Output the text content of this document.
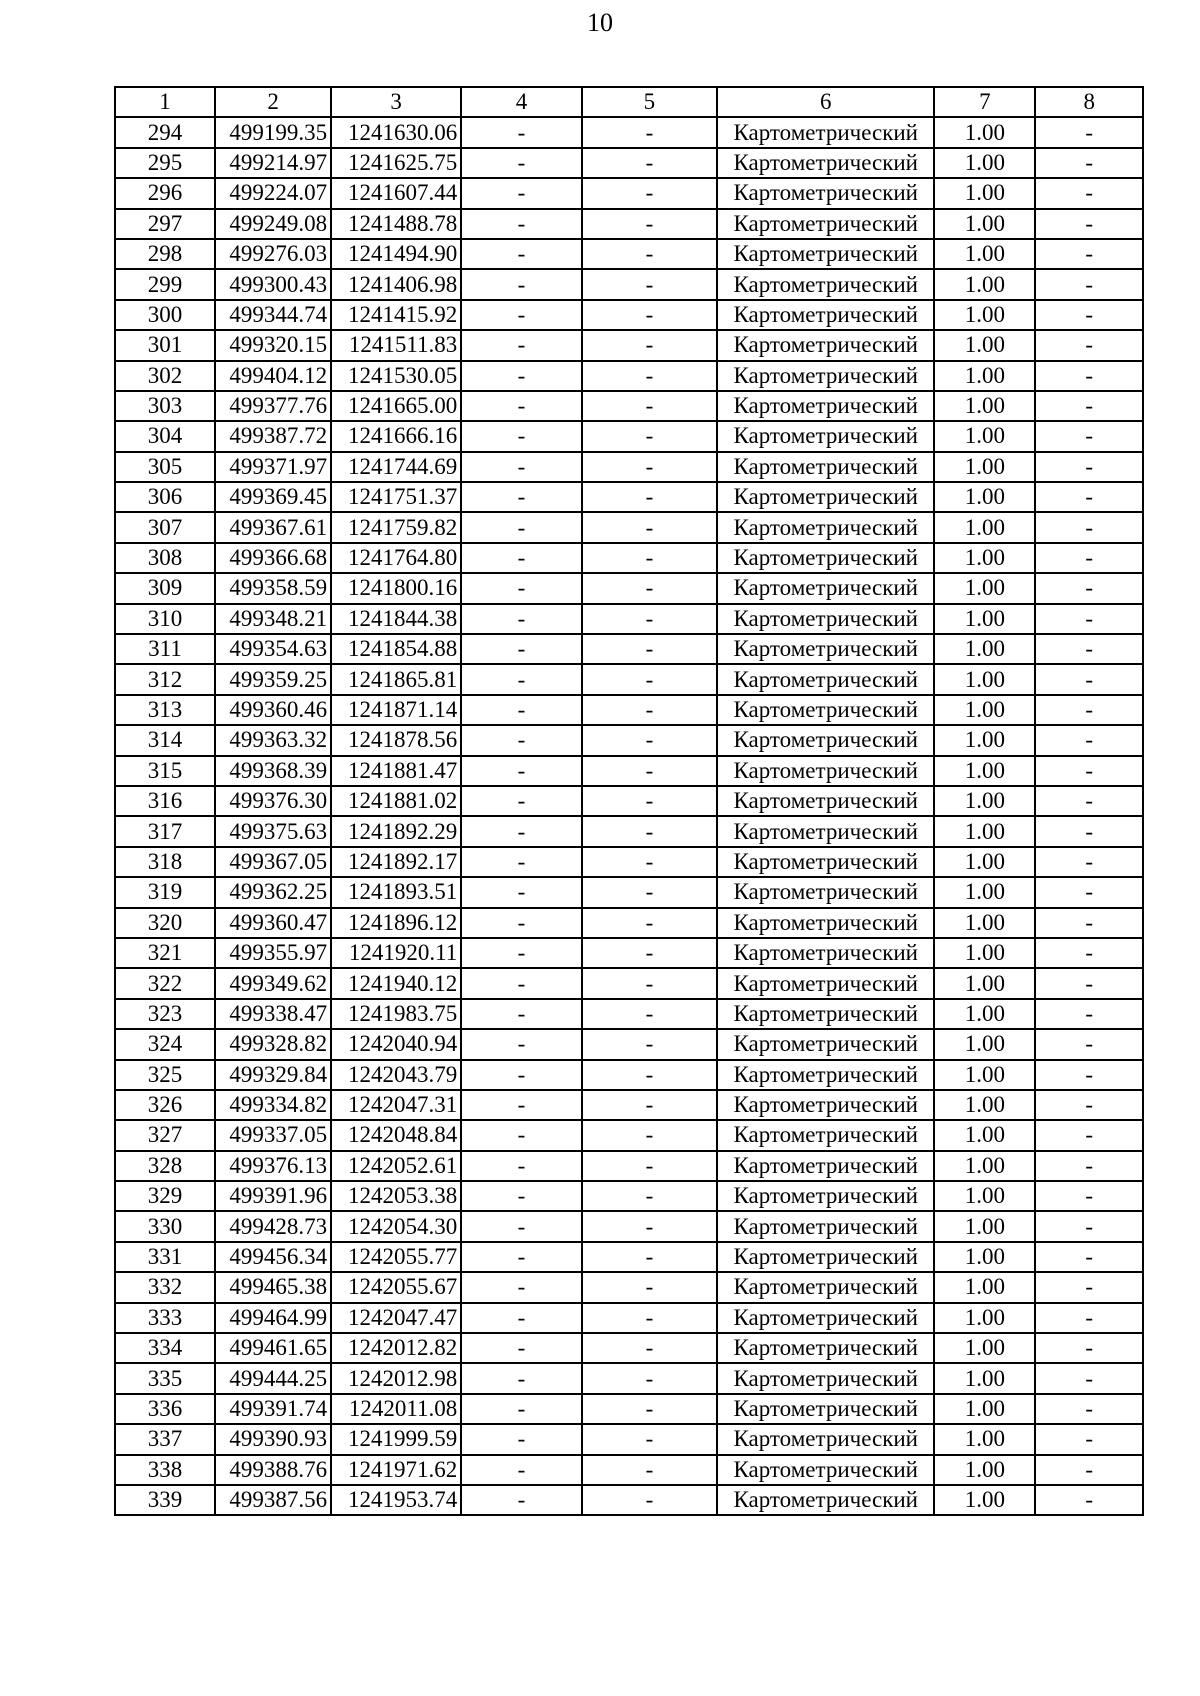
10
1	2	3	4	5	6	7	8
294	499199.35	1241630.06	-	-	Картометрический	1.00	-
295	499214.97	1241625.75	-	-	Картометрический	1.00	-
296	499224.07	1241607.44	-	-	Картометрический	1.00	-
297	499249.08	1241488.78	-	-	Картометрический	1.00	-
298	499276.03	1241494.90	-	-	Картометрический	1.00	-
299	499300.43	1241406.98	-	-	Картометрический	1.00	-
300	499344.74	1241415.92	-	-	Картометрический	1.00	-
301	499320.15	1241511.83	-	-	Картометрический	1.00	-
302	499404.12	1241530.05	-	-	Картометрический	1.00	-
303	499377.76	1241665.00	-	-	Картометрический	1.00	-
304	499387.72	1241666.16	-	-	Картометрический	1.00	-
305	499371.97	1241744.69	-	-	Картометрический	1.00	-
306	499369.45	1241751.37	-	-	Картометрический	1.00	-
307	499367.61	1241759.82	-	-	Картометрический	1.00	-
308	499366.68	1241764.80	-	-	Картометрический	1.00	-
309	499358.59	1241800.16	-	-	Картометрический	1.00	-
310	499348.21	1241844.38	-	-	Картометрический	1.00	-
311	499354.63	1241854.88	-	-	Картометрический	1.00	-
312	499359.25	1241865.81	-	-	Картометрический	1.00	-
313	499360.46	1241871.14	-	-	Картометрический	1.00	-
314	499363.32	1241878.56	-	-	Картометрический	1.00	-
315	499368.39	1241881.47	-	-	Картометрический	1.00	-
316	499376.30	1241881.02	-	-	Картометрический	1.00	-
317	499375.63	1241892.29	-	-	Картометрический	1.00	-
318	499367.05	1241892.17	-	-	Картометрический	1.00	-
319	499362.25	1241893.51	-	-	Картометрический	1.00	-
320	499360.47	1241896.12	-	-	Картометрический	1.00	-
321	499355.97	1241920.11	-	-	Картометрический	1.00	-
322	499349.62	1241940.12	-	-	Картометрический	1.00	-
323	499338.47	1241983.75	-	-	Картометрический	1.00	-
324	499328.82	1242040.94	-	-	Картометрический	1.00	-
325	499329.84	1242043.79	-	-	Картометрический	1.00	-
326	499334.82	1242047.31	-	-	Картометрический	1.00	-
327	499337.05	1242048.84	-	-	Картометрический	1.00	-
328	499376.13	1242052.61	-	-	Картометрический	1.00	-
329	499391.96	1242053.38	-	-	Картометрический	1.00	-
330	499428.73	1242054.30	-	-	Картометрический	1.00	-
331	499456.34	1242055.77	-	-	Картометрический	1.00	-
332	499465.38	1242055.67	-	-	Картометрический	1.00	-
333	499464.99	1242047.47	-	-	Картометрический	1.00	-
334	499461.65	1242012.82	-	-	Картометрический	1.00	-
335	499444.25	1242012.98	-	-	Картометрический	1.00	-
336	499391.74	1242011.08	-	-	Картометрический	1.00	-
337	499390.93	1241999.59	-	-	Картометрический	1.00	-
338	499388.76	1241971.62	-	-	Картометрический	1.00	-
339	499387.56	1241953.74	-	-	Картометрический	1.00	-
